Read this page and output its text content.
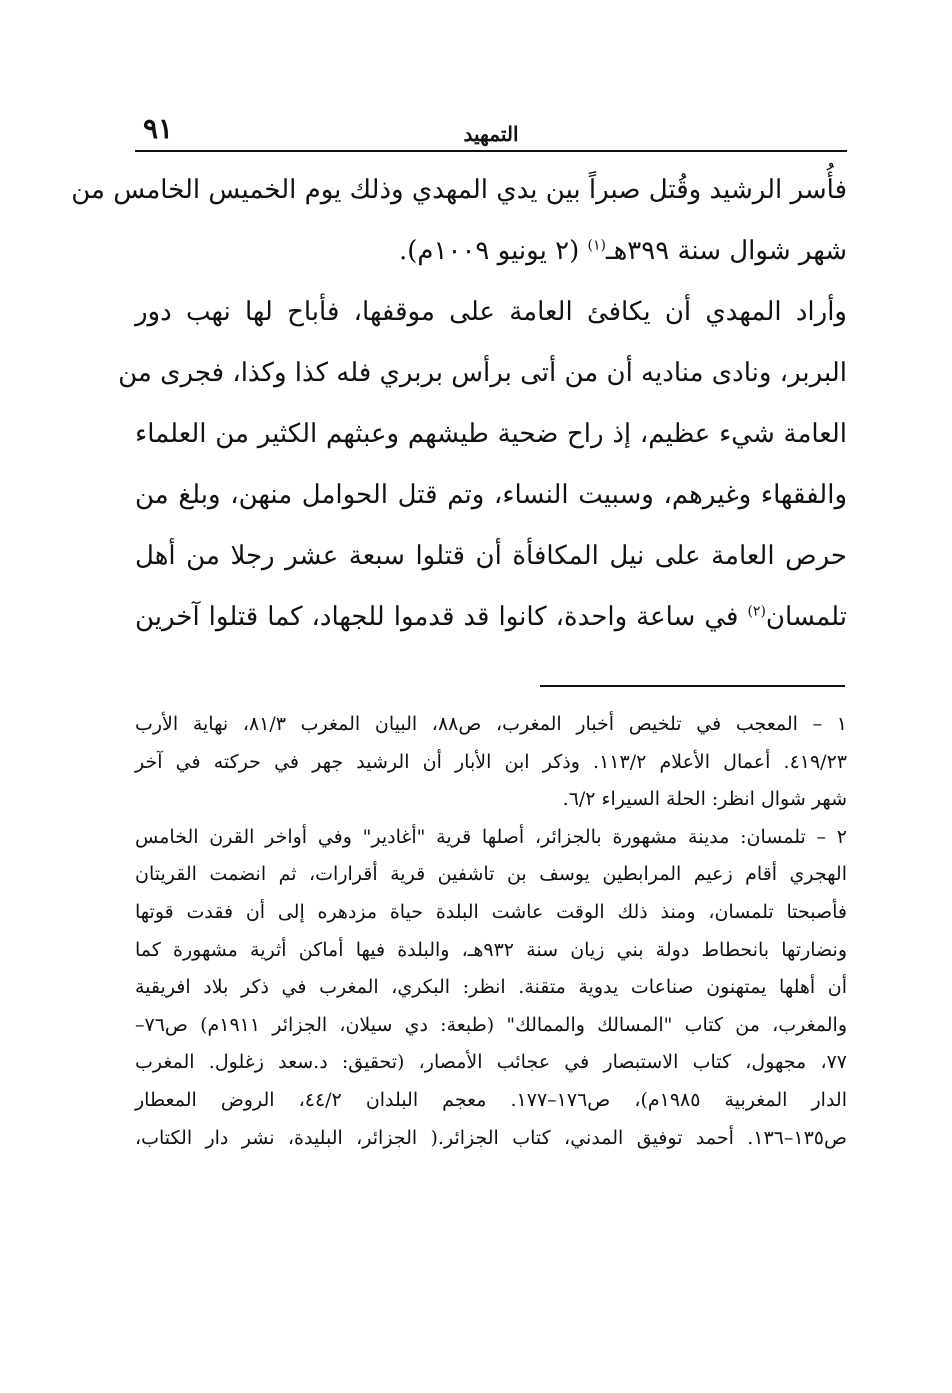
٩١	التمهيد
فأُسر الرشيد وقُتل صبراً بين يدي المهدي وذلك يوم الخميس الخامس من
شهر شوال سنة ٣٩٩هـ$^{(١)}$ (٢ يونيو ١٠٠٩م).
وأراد المهدي أن يكافئ العامة على موقفها، فأباح لها نهب دور
البربر، ونادى مناديه أن من أتى برأس بربري فله كذا وكذا، فجرى من
العامة شيء عظيم، إذ راح ضحية طيشهم وعبثهم الكثير من العلماء
والفقهاء وغيرهم، وسبيت النساء، وتم قتل الحوامل منهن، وبلغ من
حرص العامة على نيل المكافأة أن قتلوا سبعة عشر رجلا من أهل
تلمسان$^{(٢)}$ في ساعة واحدة، كانوا قد قدموا للجهاد، كما قتلوا آخرين
١ – المعجب في تلخيص أخبار المغرب، ص٨٨، البيان المغرب ٨١/٣، نهاية الأرب
٤١٩/٢٣. أعمال الأعلام ١١٣/٢. وذكر ابن الأبار أن الرشيد جهر في حركته في آخر
شهر شوال انظر: الحلة السيراء ٦/٢.
٢ – تلمسان: مدينة مشهورة بالجزائر، أصلها قرية "أغادير" وفي أواخر القرن الخامس
الهجري أقام زعيم المرابطين يوسف بن تاشفين قرية أقرارات، ثم انضمت القريتان
فأصبحتا تلمسان، ومنذ ذلك الوقت عاشت البلدة حياة مزدهره إلى أن فقدت قوتها
ونضارتها بانحطاط دولة بني زيان سنة ٩٣٢هـ، والبلدة فيها أماكن أثرية مشهورة كما
أن أهلها يمتهنون صناعات يدوية متقنة. انظر: البكري، المغرب في ذكر بلاد افريقية
والمغرب، من كتاب "المسالك والممالك" (طبعة: دي سيلان، الجزائر ١٩١١م) ص٧٦–
٧٧، مجهول، كتاب الاستبصار في عجائب الأمصار، (تحقيق: د.سعد زغلول. المغرب
الدار المغربية ١٩٨٥م)، ص١٧٦–١٧٧. معجم البلدان ٤٤/٢، الروض المعطار
ص١٣٥–١٣٦. أحمد توفيق المدني، كتاب الجزائر.( الجزائر، البليدة، نشر دار الكتاب،
